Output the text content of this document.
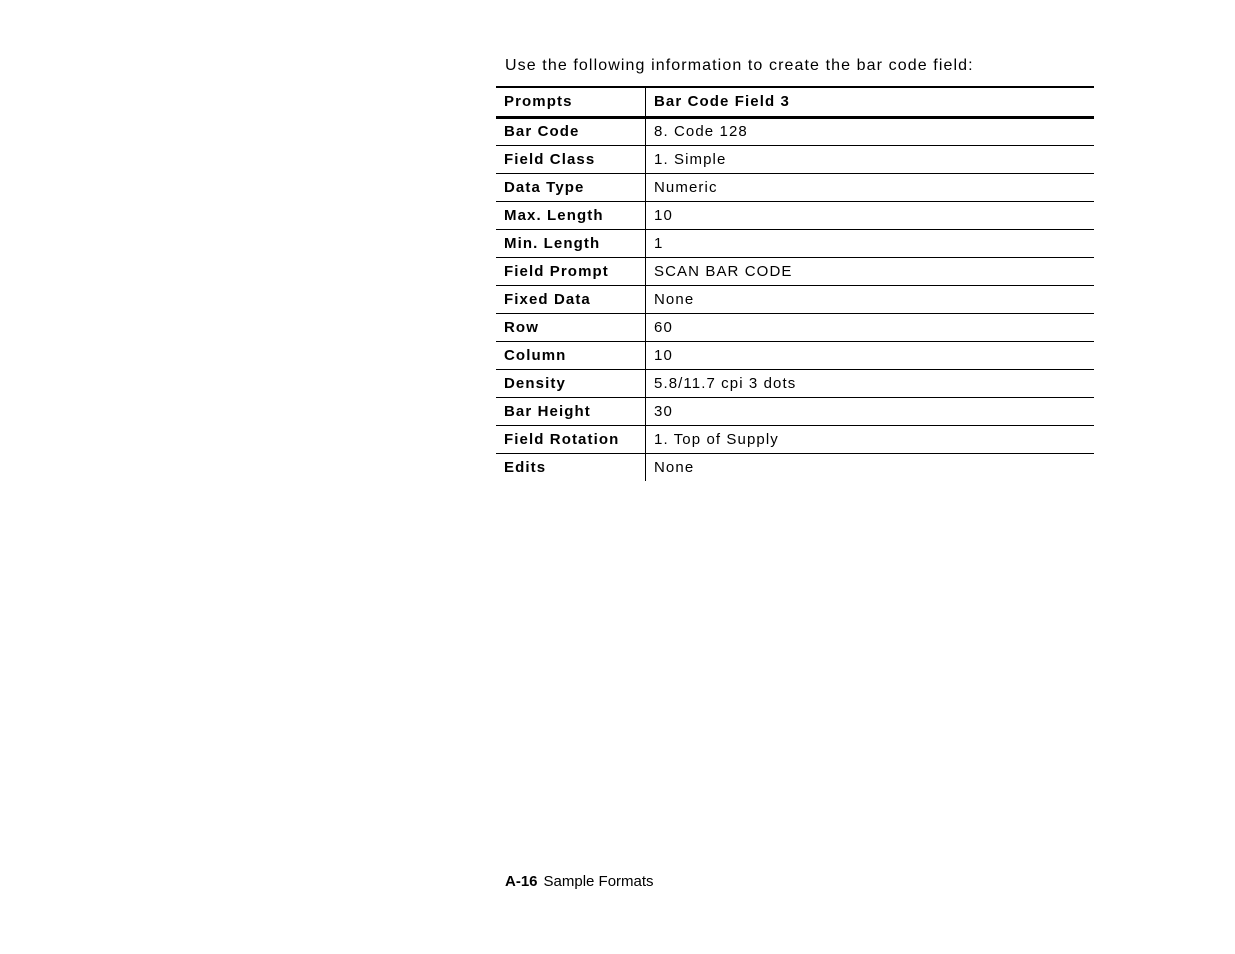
Use the following information to create the bar code field:
Prompts	Bar Code Field 3
Bar Code	8. Code 128
Field Class	1. Simple
Data Type	Numeric
Max. Length	10
Min. Length	1
Field Prompt	SCAN BAR CODE
Fixed Data	None
Row	60
Column	10
Density	5.8/11.7 cpi 3 dots
Bar Height	30
Field Rotation	1. Top of Supply
Edits	None
A-16 Sample Formats
